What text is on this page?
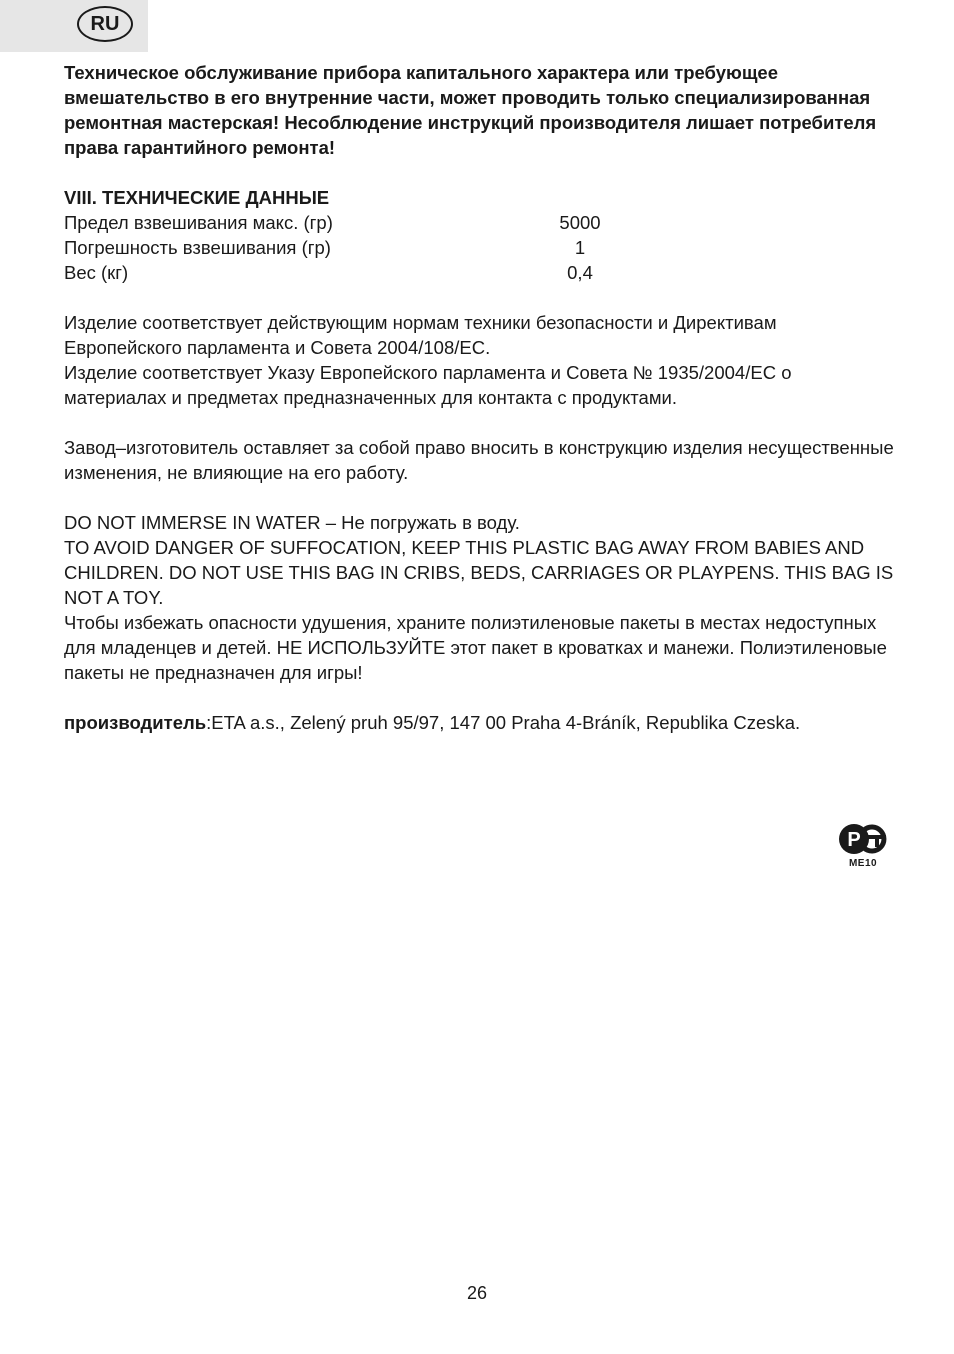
RU

Техническое обслуживание прибора капитального характера или требующее вмешательство в его внутренние части, может проводить только специализированная ремонтная мастерская! Несоблюдение инструкций производителя лишает потребителя права гарантийного ремонта!

VIII. ТЕХНИЧЕСКИЕ ДАННЫЕ

Предел взвешивания макс. (гр)	5000
Погрешность взвешивания (гр)	1
Вес (кг)	0,4

Изделие соответствует действующим нормам техники безопасности и Директивам Европейского парламента и Совета 2004/108/ЕС.

Изделие соответствует Указу Европейского парламента и Совета № 1935/2004/ЕС о материалах и предметах предназначенных для контакта с продуктами.

Завод–изготовитель оставляет за собой право вносить в конструкцию изделия несущественные изменения, не влияющие на его работу.

DO NOT IMMERSE IN WATER – Не погружать в воду.

TO AVOID DANGER OF SUFFOCATION, KEEP THIS PLASTIC BAG AWAY FROM BABIES AND CHILDREN. DO NOT USE THIS BAG IN CRIBS, BEDS, CARRIAGES OR PLAYPENS. THIS BAG IS NOT A TOY.

Чтобы избежать опасности удушения, храните полиэтиленовые пакеты в местах недоступных для младенцев и детей. НЕ ИСПОЛЬЗУЙТЕ этот пакет в кроватках и манежи. Полиэтиленовые пакеты не предназначен для игры!

производитель:ETA a.s., Zelený pruh 95/97, 147 00 Praha 4-Bráník, Republika Czeska.

P
ME10
26
